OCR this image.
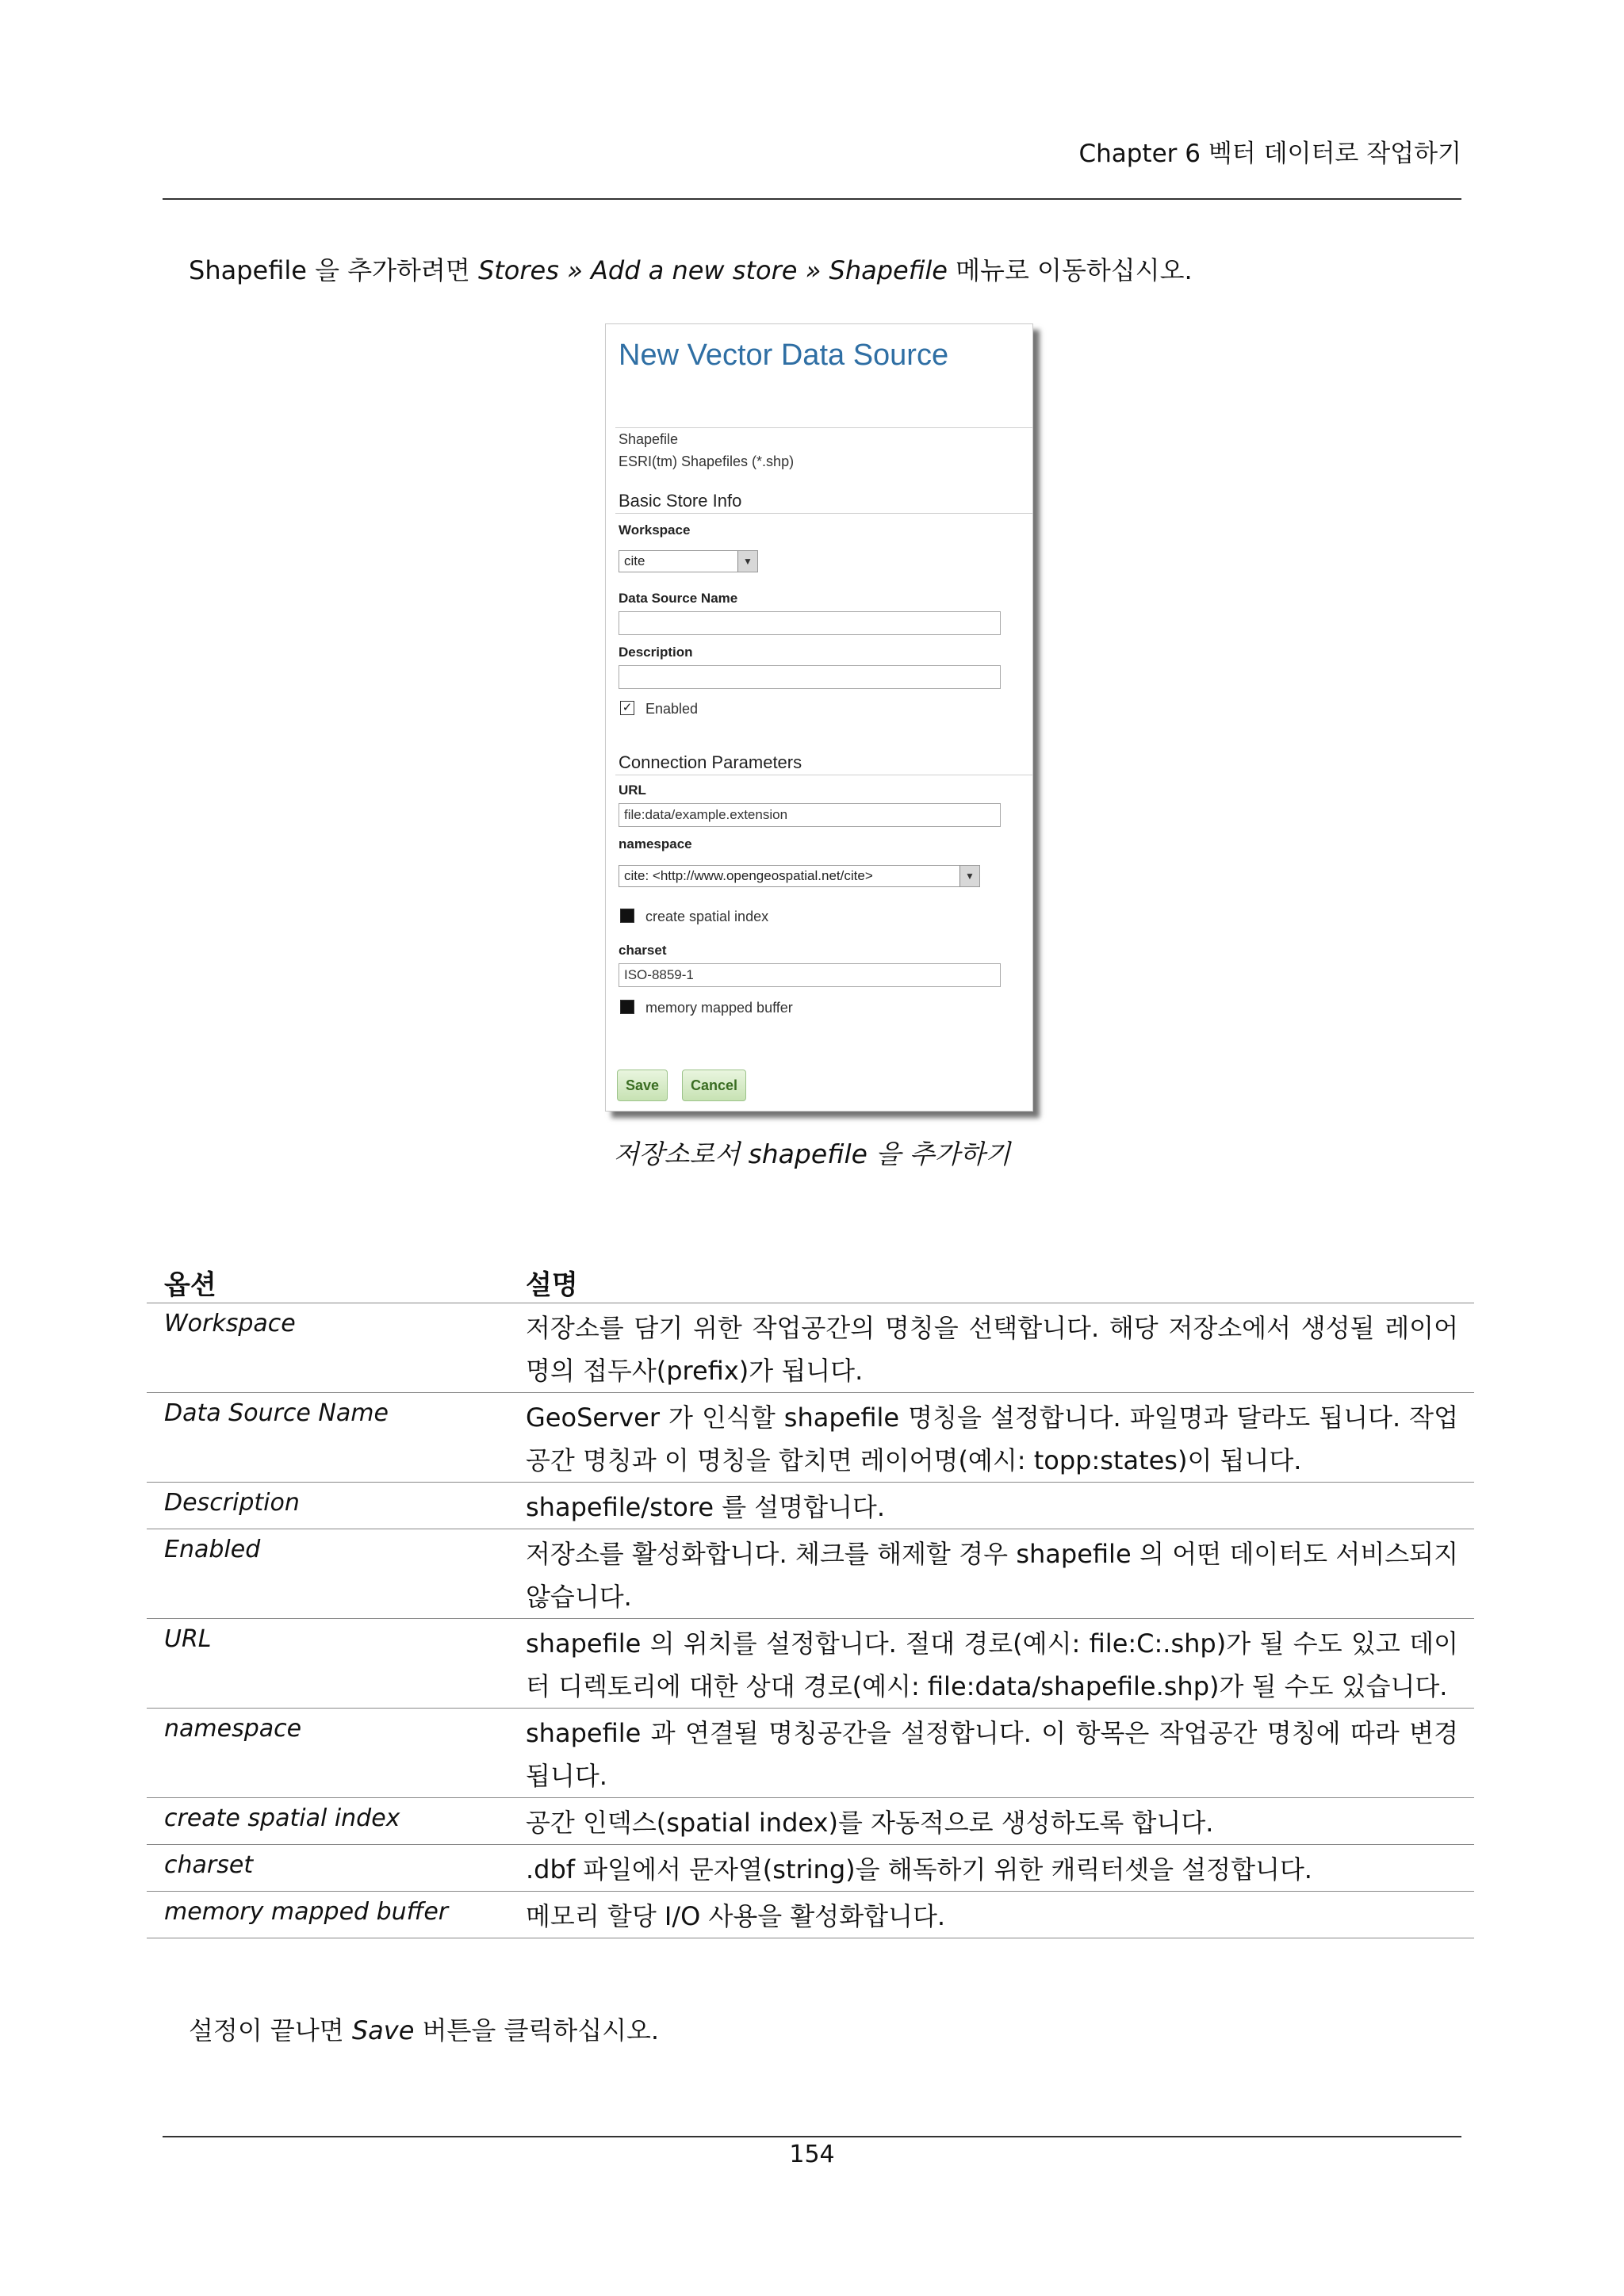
Chapter 6 벡터 데이터로 작업하기
Shapefile 을 추가하려면 Stores » Add a new store » Shapefile 메뉴로 이동하십시오.
New Vector Data Source
Shapefile
ESRI(tm) Shapefiles (*.shp)
Basic Store Info
Workspace
cite	▼
Data Source Name
Description
✓ Enabled
Connection Parameters
URL
file:data/example.extension
namespace
cite: <http://www.opengeospatial.net/cite>	▼
create spatial index
charset
ISO-8859-1
memory mapped buffer
Save	Cancel
저장소로서 shapefile 을 추가하기
옵션	설명
Workspace	저장소를 담기 위한 작업공간의 명칭을 선택합니다. 해당 저장소에서 생성될 레이어명의 접두사(prefix)가 됩니다.
Data Source Name	GeoServer 가 인식할 shapefile 명칭을 설정합니다. 파일명과 달라도 됩니다. 작업공간 명칭과 이 명칭을 합치면 레이어명(예시: topp:states)이 됩니다.
Description	shapefile/store 를 설명합니다.
Enabled	저장소를 활성화합니다. 체크를 해제할 경우 shapefile 의 어떤 데이터도 서비스되지 않습니다.
URL	shapefile 의 위치를 설정합니다. 절대 경로(예시: file:C:.shp)가 될 수도 있고 데이터 디렉토리에 대한 상대 경로(예시: file:data/shapefile.shp)가 될 수도 있습니다.
namespace	shapefile 과 연결될 명칭공간을 설정합니다. 이 항목은 작업공간 명칭에 따라 변경됩니다.
create spatial index	공간 인덱스(spatial index)를 자동적으로 생성하도록 합니다.
charset	.dbf 파일에서 문자열(string)을 해독하기 위한 캐릭터셋을 설정합니다.
memory mapped buffer	메모리 할당 I/O 사용을 활성화합니다.
설정이 끝나면 Save 버튼을 클릭하십시오.
154
